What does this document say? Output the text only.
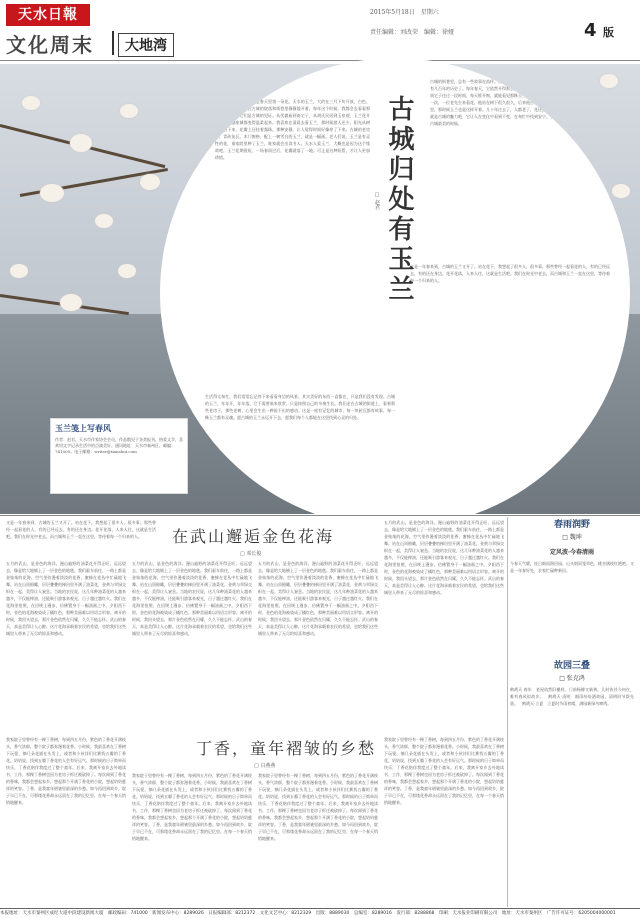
天水日報
文化周末	大地湾
2015年5月18日　星期六
责任编辑：刘改荣　编辑：徐娅	4 版
玉兰，很多人都认为它是春天里第一朵花。天水的玉兰，大约在三月下旬开放，白色、紫色，一树一树，在古城的院落和街巷里静静地开着。每年这个时候，我都会去看看那几株老玉兰，它们是古城的见证。从伏羲庙到南宅子，从胡氏民居到玉泉观，玉兰花开的时候，整座城都变得温柔起来。我喜欢在清晨去看玉兰，那时候游人还少，阳光从树枝间洒下来，花瓣上还挂着露珠。那种安静，让人觉得时间好像停了下来。古城的老房子，青砖灰瓦，木门窗格，配上一树雪白的玉兰，就是一幅画。老人们说，玉兰是有灵性的花，谁家院里种了玉兰，谁家就会出读书人。天水人爱玉兰，大概也是因为这个缘故吧。玉兰花期很短，一场春雨过后，花瓣就落了一地。可正是这种短暂，才让人更加珍惜。
生活得太匆忙，我们常常忘记停下来看看身边的风景。其实美好的东西一直都在，只是我们没有发现。古城的玉兰，年年开，年年落，它不需要谁来欣赏，只是按照自己的节奏生长。我们走在古城的街道上，看着那些老房子，那些老树，心里会生出一种说不出的感动。这是一座有记忆的城市，每一块砖瓦都有故事，每一株玉兰都有灵魂。愿古城的玉兰永远开下去，愿我们每个人都能在这里找到心灵的归处。
古城的街巷里，总有一些故事在流传。南宅子的玉兰，据说是明代的主人亲手种下的，已经有几百年的历史了。每年春天，它依然开得那么繁盛，像是在诉说着过去的岁月。我曾经在南宅子住过一段时间，每天推开窗，就能看见那株玉兰。花开的时候，满院子都是清香。有一次，一位老先生来看花，他站在树下很久很久，后来他告诉我，他小时候就住在这个院子里，那时候玉兰也是这样开着。几十年过去了，人都老了，花还是那样年轻。我想，这大概就是古城的魅力吧，它让人在变化中看到不变，在匆忙中找到安宁。玉兰花开的时候，也是古城最美的时候。
又是一年春来到，古城的玉兰又开了。站在花下，我想起了很多人，很多事。那些曾经一起看花的人，有的已经远去，有的还在身边。花开花落，人来人往，这就是生活吧。我们在时光中老去，而古城和玉兰一直在这里，等待着每一个归来的人。
古城归处有玉兰
□ 赵君
玉兰笺上写春风
作者：赵君，天水市作家协会会员，作品散见于各类报刊。热爱文学，喜欢用文字记录生活中的点滴美好。通讯地址：天水市秦州区。邮编：741000。电子邮箱：writer@tianshui.com
又是一年春来到，古城的玉兰又开了。站在花下，我想起了很多人，很多事。那些曾经一起看花的人，有的已经远去，有的还在身边。花开花落，人来人往，这就是生活吧。我们在时光中老去，而古城和玉兰一直在这里，等待着每一个归来的人。	在武山邂逅金色花海
□ 邓长俊
五月的武山，是金色的海洋。漫山遍野的油菜花开得正旺，远远望去，像是给大地铺上了一层金色的地毯。我们驱车前往，一路上都是金灿灿的花海。空气里弥漫着淡淡的花香，蜜蜂在花丛中忙碌地飞舞。站在山顶俯瞰，层层叠叠的梯田里开满了油菜花，金黄与翠绿交织在一起，美得让人窒息。当地的农民说，这几年种油菜花的人越来越多，不仅能榨油，还能吸引游客来观光，日子越过越红火。我们在花海里拍照，在田埂上漫步，仿佛置身于一幅油画之中。夕阳西下时，金色的花海被染成了橘红色，那种美丽难以用语言形容。离开的时候，我回头望去，那片金色依然在闪耀，久久不能忘怀。武山的春天，真是美得让人心醉。这片花海承载着农民的希望，也给我们这些城里人带来了无尽的惊喜和感动。
五月的武山，是金色的海洋。漫山遍野的油菜花开得正旺，远远望去，像是给大地铺上了一层金色的地毯。我们驱车前往，一路上都是金灿灿的花海。空气里弥漫着淡淡的花香，蜜蜂在花丛中忙碌地飞舞。站在山顶俯瞰，层层叠叠的梯田里开满了油菜花，金黄与翠绿交织在一起，美得让人窒息。当地的农民说，这几年种油菜花的人越来越多，不仅能榨油，还能吸引游客来观光，日子越过越红火。我们在花海里拍照，在田埂上漫步，仿佛置身于一幅油画之中。夕阳西下时，金色的花海被染成了橘红色，那种美丽难以用语言形容。离开的时候，我回头望去，那片金色依然在闪耀，久久不能忘怀。武山的春天，真是美得让人心醉。这片花海承载着农民的希望，也给我们这些城里人带来了无尽的惊喜和感动。
五月的武山，是金色的海洋。漫山遍野的油菜花开得正旺，远远望去，像是给大地铺上了一层金色的地毯。我们驱车前往，一路上都是金灿灿的花海。空气里弥漫着淡淡的花香，蜜蜂在花丛中忙碌地飞舞。站在山顶俯瞰，层层叠叠的梯田里开满了油菜花，金黄与翠绿交织在一起，美得让人窒息。当地的农民说，这几年种油菜花的人越来越多，不仅能榨油，还能吸引游客来观光，日子越过越红火。我们在花海里拍照，在田埂上漫步，仿佛置身于一幅油画之中。夕阳西下时，金色的花海被染成了橘红色，那种美丽难以用语言形容。离开的时候，我回头望去，那片金色依然在闪耀，久久不能忘怀。武山的春天，真是美得让人心醉。这片花海承载着农民的希望，也给我们这些城里人带来了无尽的惊喜和感动。
五月的武山，是金色的海洋。漫山遍野的油菜花开得正旺，远远望去，像是给大地铺上了一层金色的地毯。我们驱车前往，一路上都是金灿灿的花海。空气里弥漫着淡淡的花香，蜜蜂在花丛中忙碌地飞舞。站在山顶俯瞰，层层叠叠的梯田里开满了油菜花，金黄与翠绿交织在一起，美得让人窒息。当地的农民说，这几年种油菜花的人越来越多，不仅能榨油，还能吸引游客来观光，日子越过越红火。我们在花海里拍照，在田埂上漫步，仿佛置身于一幅油画之中。夕阳西下时，金色的花海被染成了橘红色，那种美丽难以用语言形容。离开的时候，我回头望去，那片金色依然在闪耀，久久不能忘怀。武山的春天，真是美得让人心醉。这片花海承载着农民的希望，也给我们这些城里人带来了无尽的惊喜和感动。
丁香，童年褶皱的乡愁
□ 白燕燕
我家院子里曾经有一棵丁香树，每到四五月份，紫色的丁香花开满枝头，香气浓郁，整个院子都弥漫着花香。小时候，我最喜欢在丁香树下玩耍，摘几朵花插在头发上，或者和小伙伴们比赛找五瓣的丁香花。奶奶说，找到五瓣丁香花的人会有好运气。那时候的日子简单而快乐，丁香花陪伴我度过了整个童年。后来，我离开家乡去外地读书、工作，那棵丁香树也因为老房子拆迁被砍掉了。每次闻到丁香花的香味，我都会想起家乡，想起那个开满丁香花的小院，想起奶奶慈祥的笑容。丁香，是我童年褶皱里最深的乡愁。如今再回到故乡，院子早已不在，可那缕花香却永远留在了我的记忆里，在每一个春天悄悄地醒来。
我家院子里曾经有一棵丁香树，每到四五月份，紫色的丁香花开满枝头，香气浓郁，整个院子都弥漫着花香。小时候，我最喜欢在丁香树下玩耍，摘几朵花插在头发上，或者和小伙伴们比赛找五瓣的丁香花。奶奶说，找到五瓣丁香花的人会有好运气。那时候的日子简单而快乐，丁香花陪伴我度过了整个童年。后来，我离开家乡去外地读书、工作，那棵丁香树也因为老房子拆迁被砍掉了。每次闻到丁香花的香味，我都会想起家乡，想起那个开满丁香花的小院，想起奶奶慈祥的笑容。丁香，是我童年褶皱里最深的乡愁。如今再回到故乡，院子早已不在，可那缕花香却永远留在了我的记忆里，在每一个春天悄悄地醒来。
我家院子里曾经有一棵丁香树，每到四五月份，紫色的丁香花开满枝头，香气浓郁，整个院子都弥漫着花香。小时候，我最喜欢在丁香树下玩耍，摘几朵花插在头发上，或者和小伙伴们比赛找五瓣的丁香花。奶奶说，找到五瓣丁香花的人会有好运气。那时候的日子简单而快乐，丁香花陪伴我度过了整个童年。后来，我离开家乡去外地读书、工作，那棵丁香树也因为老房子拆迁被砍掉了。每次闻到丁香花的香味，我都会想起家乡，想起那个开满丁香花的小院，想起奶奶慈祥的笑容。丁香，是我童年褶皱里最深的乡愁。如今再回到故乡，院子早已不在，可那缕花香却永远留在了我的记忆里，在每一个春天悄悄地醒来。
我家院子里曾经有一棵丁香树，每到四五月份，紫色的丁香花开满枝头，香气浓郁，整个院子都弥漫着花香。小时候，我最喜欢在丁香树下玩耍，摘几朵花插在头发上，或者和小伙伴们比赛找五瓣的丁香花。奶奶说，找到五瓣丁香花的人会有好运气。那时候的日子简单而快乐，丁香花陪伴我度过了整个童年。后来，我离开家乡去外地读书、工作，那棵丁香树也因为老房子拆迁被砍掉了。每次闻到丁香花的香味，我都会想起家乡，想起那个开满丁香花的小院，想起奶奶慈祥的笑容。丁香，是我童年褶皱里最深的乡愁。如今再回到故乡，院子早已不在，可那缕花香却永远留在了我的记忆里，在每一个春天悄悄地醒来。
春雨润野
□ 魏坤
定风波·今春清雨
今春天气暖，连日细雨润田园。山头烟雨笼翠色，桃杏满枝红艳艳。又是一年春好处，农家忙碌种新田。
故园三叠
□ 张克鸿
鹧鸪天·春年　老屋依然旧模样，门前杨柳又新黄。儿时伙伴今何在，唯有春风似故乡。　鹧鸪天·清明　细雨纷纷洒故园，清明时节祭先贤。　鹧鸪天·立夏　立夏时节雨初晴，满园新绿鸟啼鸣。
本报地址：天水市秦州区成纪大道中段建设新闻大厦　邮政编码：741000　新闻发布中心：8289026　日报编辑部：8212372　文化文艺中心：8212329　出版：8889030　总编室：8289016　发行部：8288868　印刷：天水报业印刷有限公司　地址：天水市秦州区　广告许可证号：6205004000001
